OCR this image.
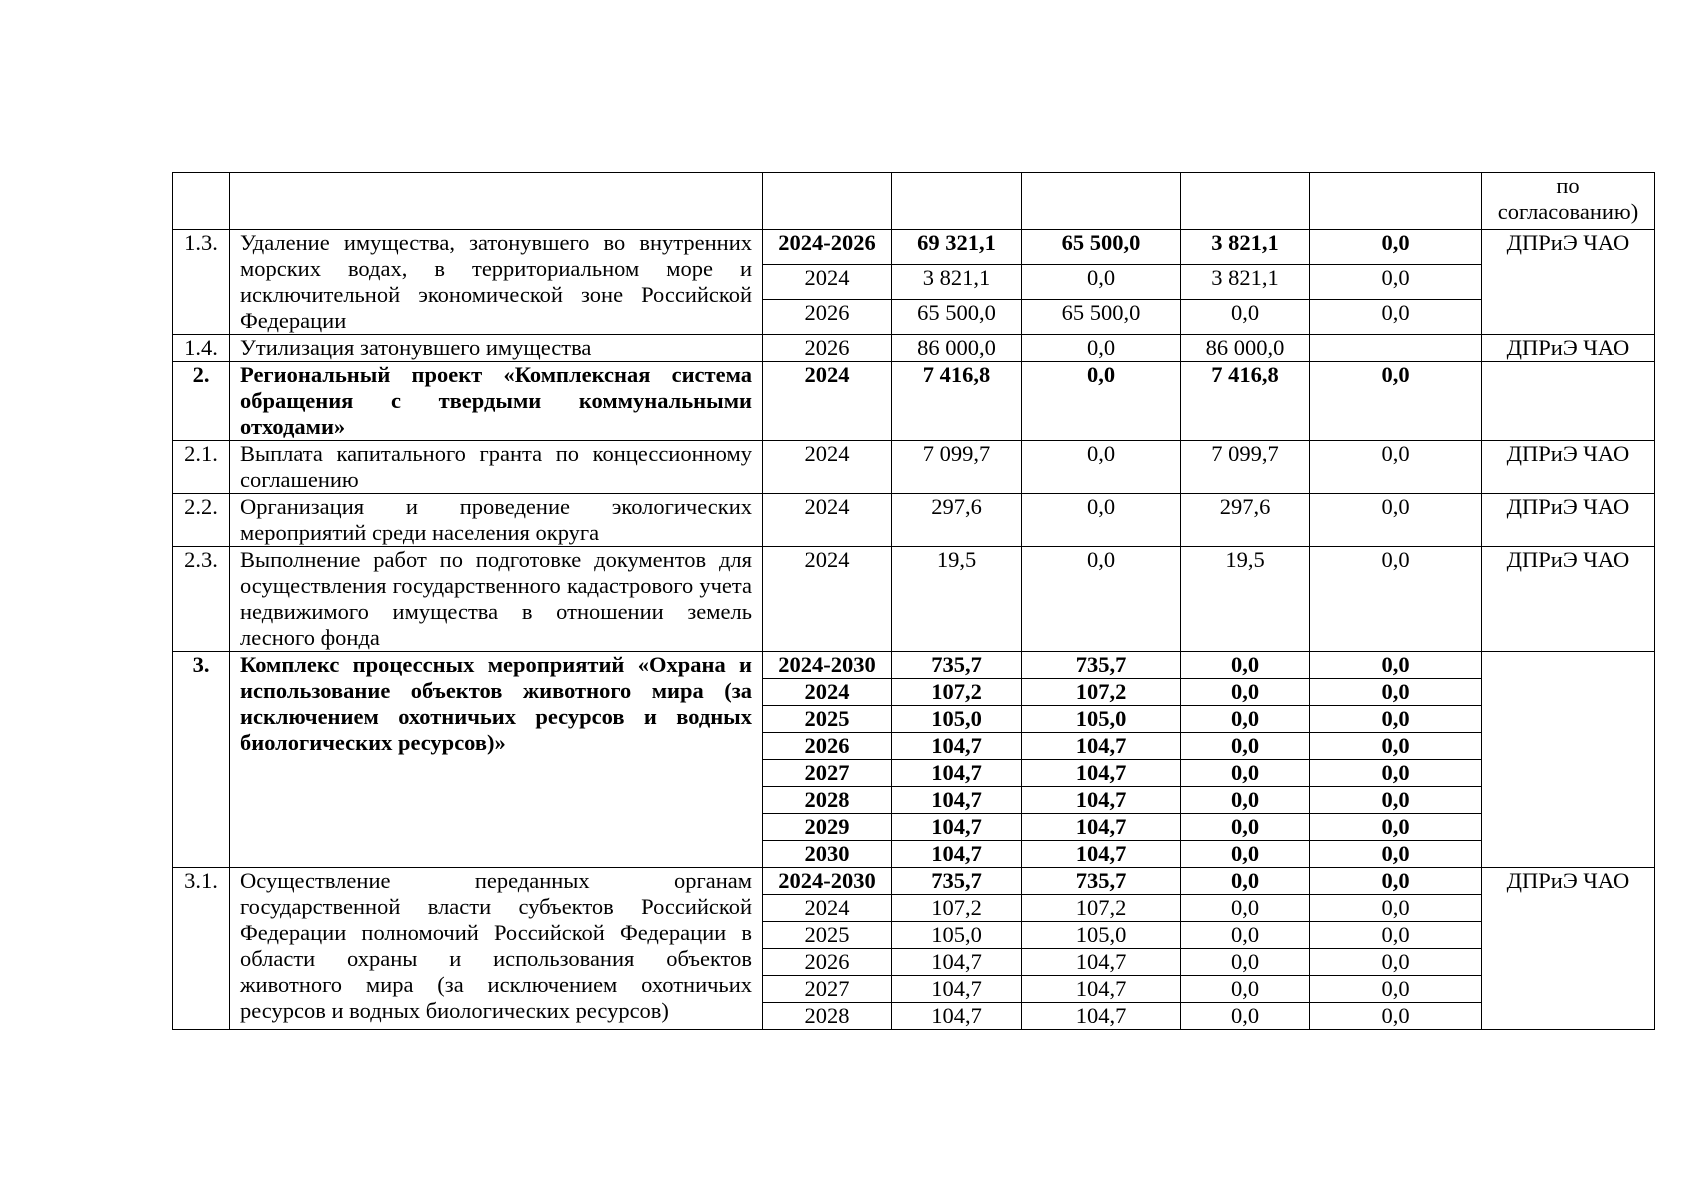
							по согласованию)
1.3.	Удаление имущества, затонувшего во внутренних морских водах, в территориальном море и исключительной экономической зоне Российской Федерации	2024-2026	69 321,1	65 500,0	3 821,1	0,0	ДПРиЭ ЧАО
		2024	3 821,1	0,0	3 821,1	0,0	
		2026	65 500,0	65 500,0	0,0	0,0	
1.4.	Утилизация затонувшего имущества	2026	86 000,0	0,0	86 000,0		ДПРиЭ ЧАО
2.	Региональный проект «Комплексная система обращения с твердыми коммунальными отходами»	2024	7 416,8	0,0	7 416,8	0,0	
2.1.	Выплата капитального гранта по концессионному соглашению	2024	7 099,7	0,0	7 099,7	0,0	ДПРиЭ ЧАО
2.2.	Организация и проведение экологических мероприятий среди населения округа	2024	297,6	0,0	297,6	0,0	ДПРиЭ ЧАО
2.3.	Выполнение работ по подготовке документов для осуществления государственного кадастрового учета недвижимого имущества в отношении земель лесного фонда	2024	19,5	0,0	19,5	0,0	ДПРиЭ ЧАО
3.	Комплекс процессных мероприятий «Охрана и использование объектов животного мира (за исключением охотничьих ресурсов и водных биологических ресурсов)»	2024-2030	735,7	735,7	0,0	0,0	
		2024	107,2	107,2	0,0	0,0	
		2025	105,0	105,0	0,0	0,0	
		2026	104,7	104,7	0,0	0,0	
		2027	104,7	104,7	0,0	0,0	
		2028	104,7	104,7	0,0	0,0	
		2029	104,7	104,7	0,0	0,0	
		2030	104,7	104,7	0,0	0,0	
3.1.	Осуществление переданных органам государственной власти субъектов Российской Федерации полномочий Российской Федерации в области охраны и использования объектов животного мира (за исключением охотничьих ресурсов и водных биологических ресурсов)	2024-2030	735,7	735,7	0,0	0,0	ДПРиЭ ЧАО
		2024	107,2	107,2	0,0	0,0	
		2025	105,0	105,0	0,0	0,0	
		2026	104,7	104,7	0,0	0,0	
		2027	104,7	104,7	0,0	0,0	
		2028	104,7	104,7	0,0	0,0	
